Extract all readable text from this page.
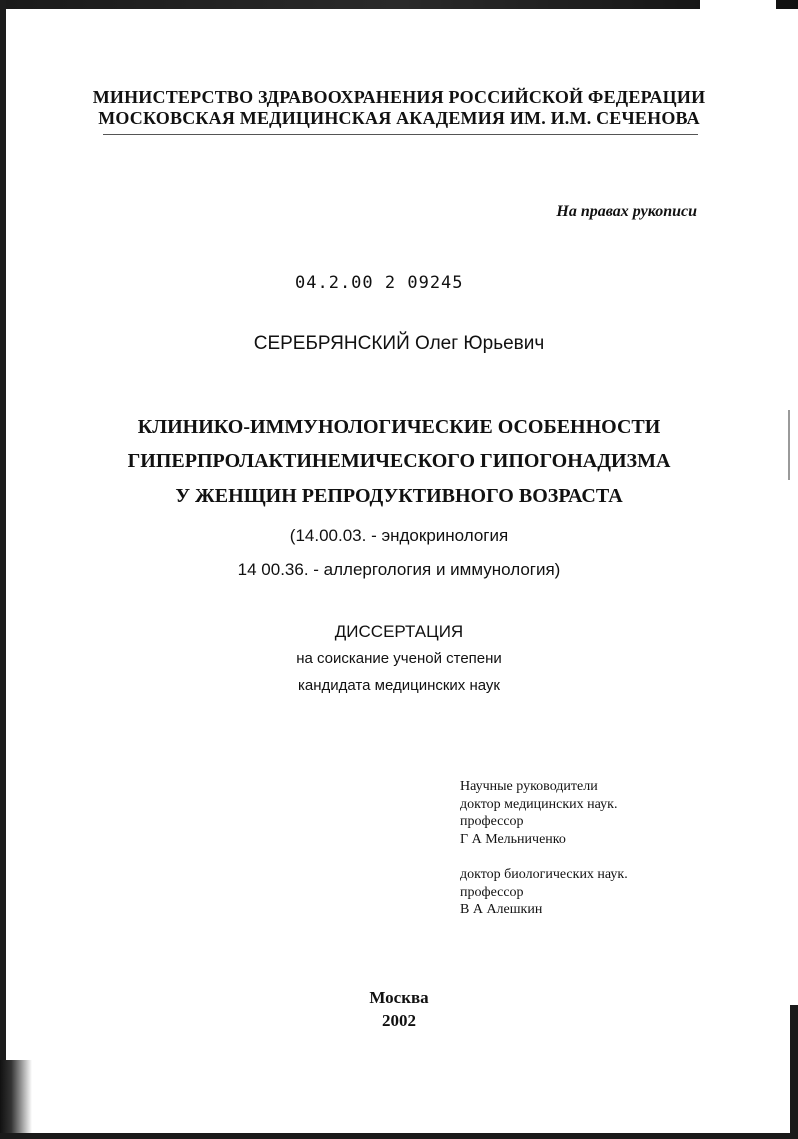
МИНИСТЕРСТВО ЗДРАВООХРАНЕНИЯ РОССИЙСКОЙ ФЕДЕРАЦИИ
МОСКОВСКАЯ МЕДИЦИНСКАЯ АКАДЕМИЯ ИМ. И.М. СЕЧЕНОВА
На правах рукописи
04.2.00 2 09245
СЕРЕБРЯНСКИЙ Олег Юрьевич
КЛИНИКО-ИММУНОЛОГИЧЕСКИЕ ОСОБЕННОСТИ
ГИПЕРПРОЛАКТИНЕМИЧЕСКОГО ГИПОГОНАДИЗМА
У ЖЕНЩИН РЕПРОДУКТИВНОГО ВОЗРАСТА
(14.00.03. - эндокринология
14 00.36. - аллергология и иммунология)
ДИССЕРТАЦИЯ
на соискание ученой степени
кандидата медицинских наук
Научные руководители
доктор медицинских наук.
профессор
Г А Мельниченко
доктор биологических наук.
профессор
В А Алешкин
Москва
2002
